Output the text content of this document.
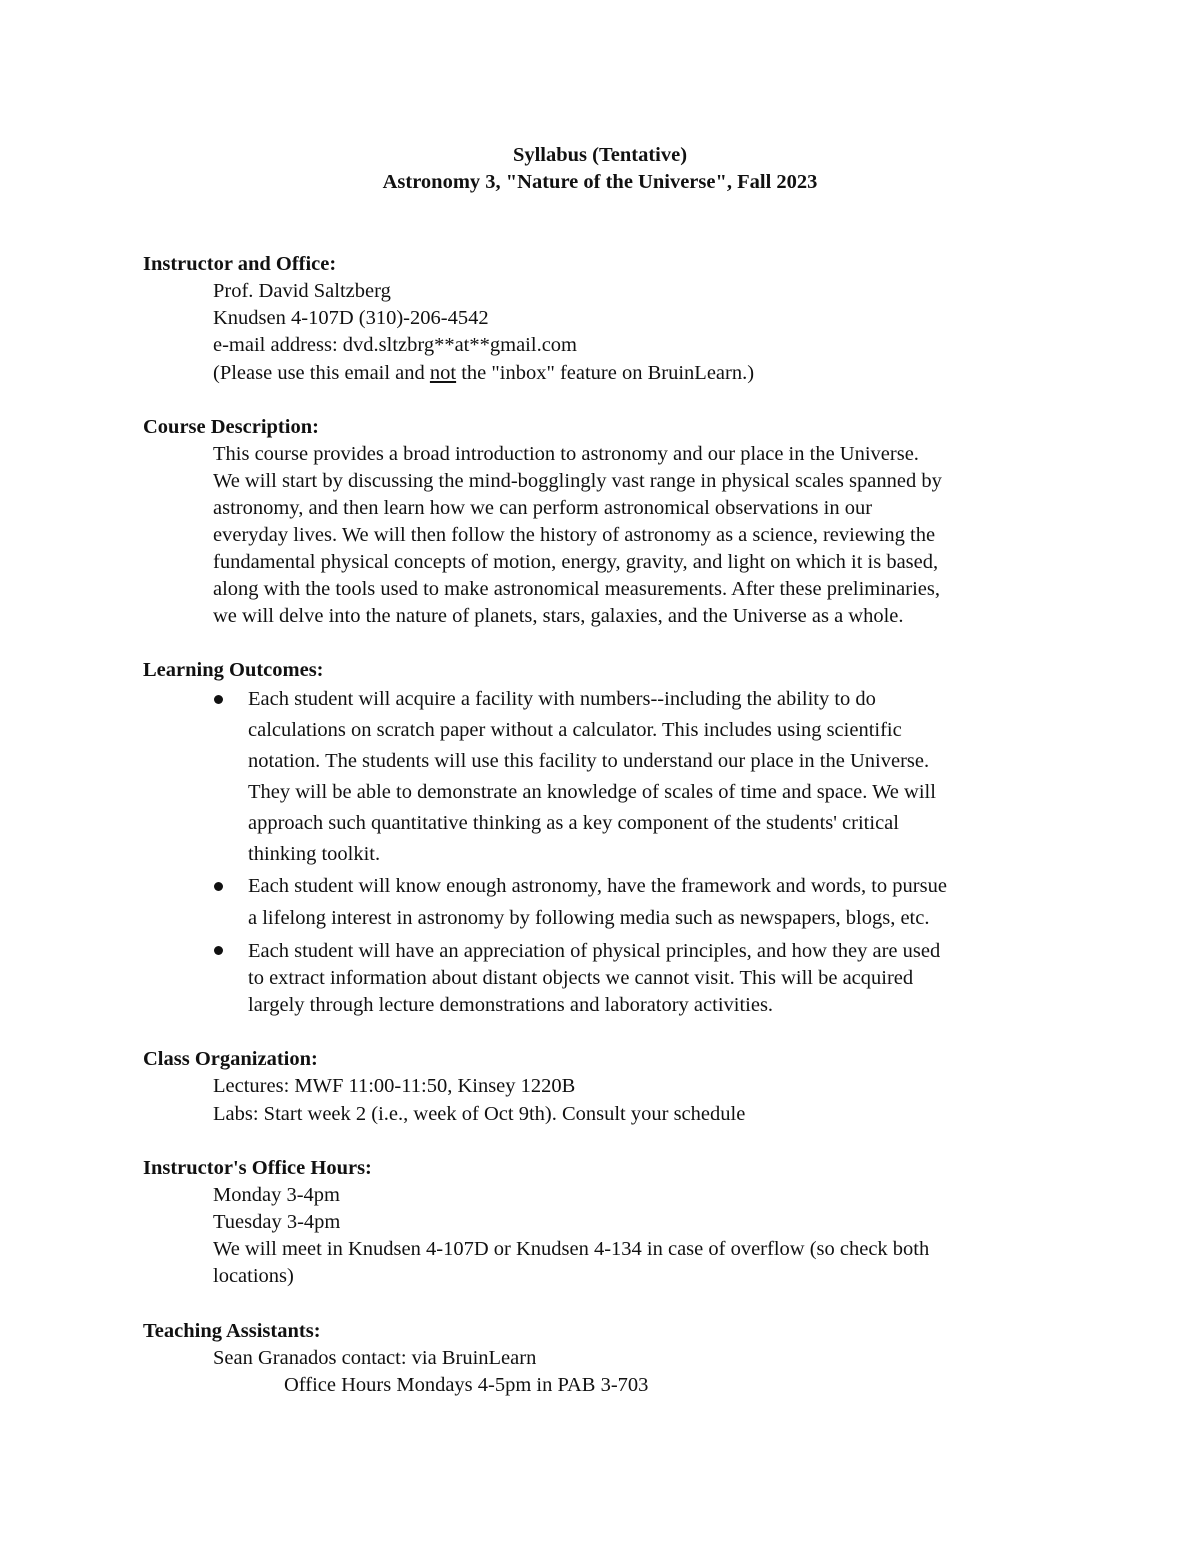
Syllabus (Tentative)
Astronomy 3, "Nature of the Universe", Fall 2023
Instructor and Office:
Prof. David Saltzberg
Knudsen 4-107D (310)-206-4542
e-mail address: dvd.sltzbrg**at**gmail.com
(Please use this email and not the "inbox" feature on BruinLearn.)
Course Description:
This course provides a broad introduction to astronomy and our place in the Universe.
We will start by discussing the mind-bogglingly vast range in physical scales spanned by
astronomy, and then learn how we can perform astronomical observations in our
everyday lives. We will then follow the history of astronomy as a science, reviewing the
fundamental physical concepts of motion, energy, gravity, and light on which it is based,
along with the tools used to make astronomical measurements. After these preliminaries,
we will delve into the nature of planets, stars, galaxies, and the Universe as a whole.
Learning Outcomes:
Each student will acquire a facility with numbers--including the ability to do
calculations on scratch paper without a calculator. This includes using scientific
notation. The students will use this facility to understand our place in the Universe.
They will be able to demonstrate an knowledge of scales of time and space. We will
approach such quantitative thinking as a key component of the students' critical
thinking toolkit.
Each student will know enough astronomy, have the framework and words, to pursue
a lifelong interest in astronomy by following media such as newspapers, blogs, etc.
Each student will have an appreciation of physical principles, and how they are used
to extract information about distant objects we cannot visit. This will be acquired
largely through lecture demonstrations and laboratory activities.
Class Organization:
Lectures: MWF 11:00-11:50, Kinsey 1220B
Labs: Start week 2 (i.e., week of Oct 9th). Consult your schedule
Instructor's Office Hours:
Monday 3-4pm
Tuesday 3-4pm
We will meet in Knudsen 4-107D or Knudsen 4-134 in case of overflow (so check both
locations)
Teaching Assistants:
Sean Granados contact: via BruinLearn
Office Hours Mondays 4-5pm in PAB 3-703
